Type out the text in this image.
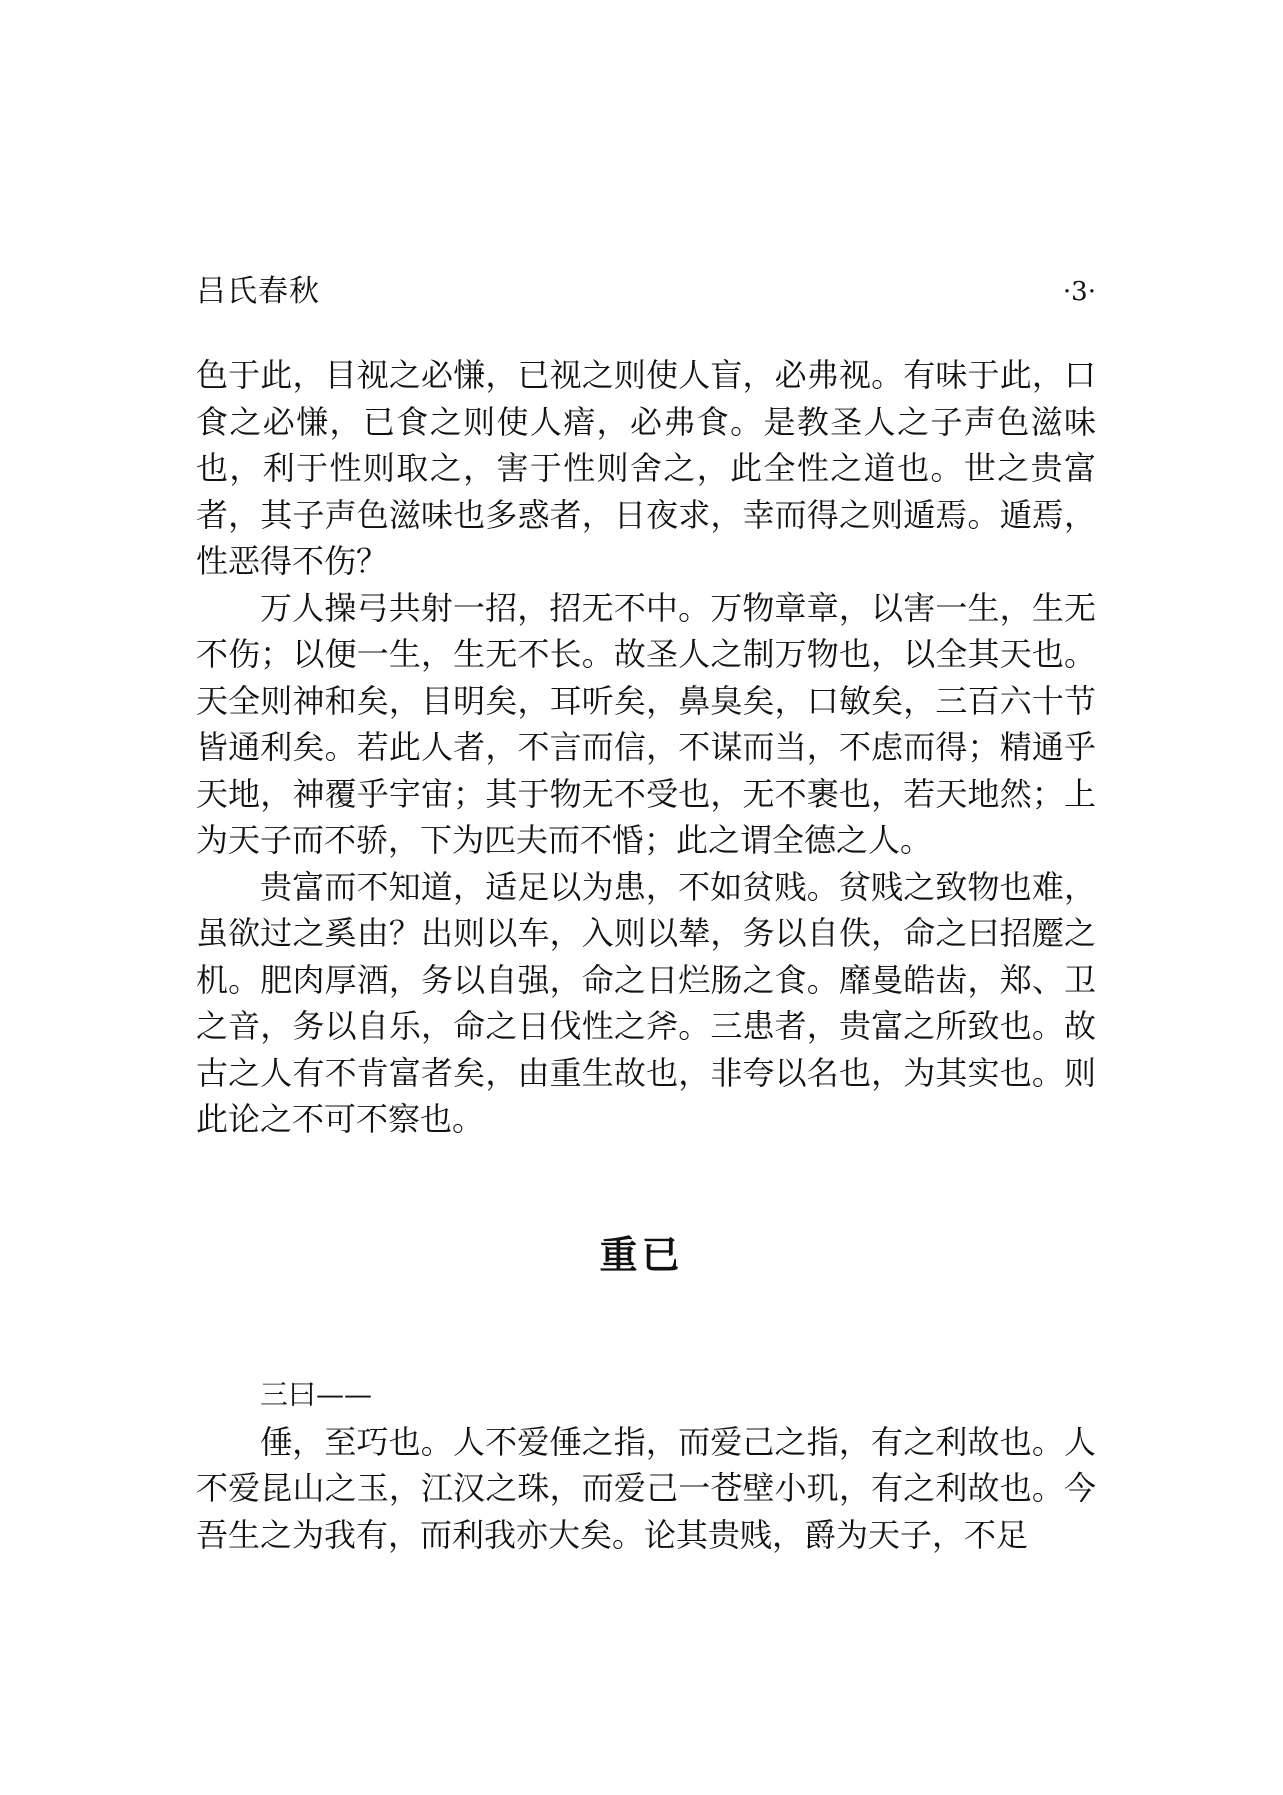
吕氏春秋	·3·

色于此，目视之必慊，已视之则使人盲，必弗视。有味于此，口食之必慊，已食之则使人瘖，必弗食。是教圣人之子声色滋味也，利于性则取之，害于性则舍之，此全性之道也。世之贵富者，其子声色滋味也多惑者，日夜求，幸而得之则遁焉。遁焉，性恶得不伤？

万人操弓共射一招，招无不中。万物章章，以害一生，生无不伤；以便一生，生无不长。故圣人之制万物也，以全其天也。天全则神和矣，目明矣，耳听矣，鼻臭矣，口敏矣，三百六十节皆通利矣。若此人者，不言而信，不谋而当，不虑而得；精通乎天地，神覆乎宇宙；其于物无不受也，无不裹也，若天地然；上为天子而不骄，下为匹夫而不惛；此之谓全德之人。

贵富而不知道，适足以为患，不如贫贱。贫贱之致物也难，虽欲过之奚由？出则以车，入则以辇，务以自佚，命之曰招蹷之机。肥肉厚酒，务以自强，命之日烂肠之食。靡曼皓齿，郑、卫之音，务以自乐，命之日伐性之斧。三患者，贵富之所致也。故古之人有不肯富者矣，由重生故也，非夸以名也，为其实也。则此论之不可不察也。

重已

三曰——

倕，至巧也。人不爱倕之指，而爱己之指，有之利故也。人不爱昆山之玉，江汉之珠，而爱己一苍壁小玑，有之利故也。今吾生之为我有，而利我亦大矣。论其贵贱，爵为天子，不足
